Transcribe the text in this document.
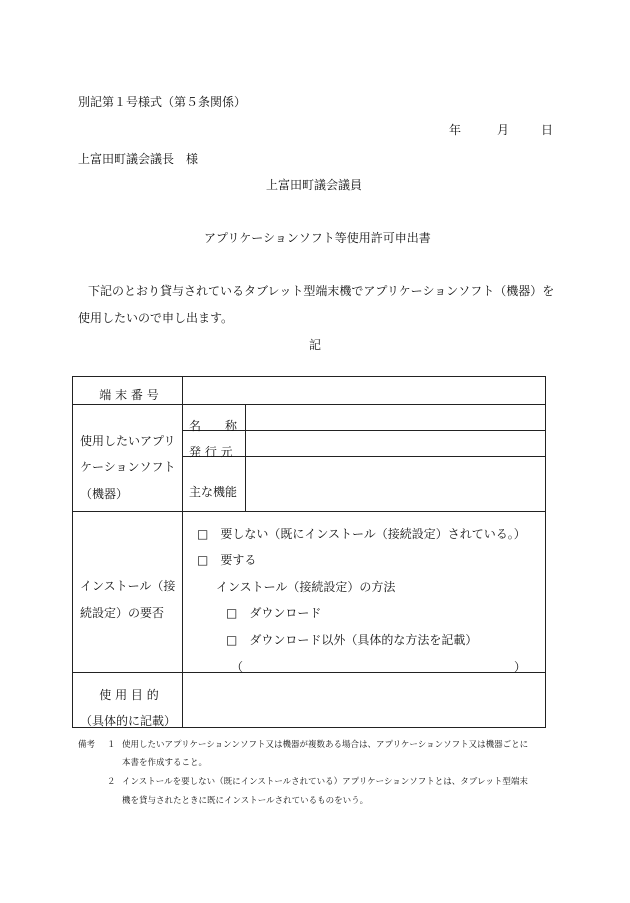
別記第１号様式（第５条関係）
年	月	日
上富田町議会議長　様
上富田町議会議員
アプリケーションソフト等使用許可申出書
下記のとおり貸与されているタブレット型端末機でアプリケーションソフト（機器）を
使用したいので申し出ます。
記
端 末 番 号
使用したいアプリ
ケーションソフト
（機器）
名　　称
発 行 元
主な機能
インストール（接
続設定）の要否
□　要しない（既にインストール（接続設定）されている。）
□　要する
インストール（接続設定）の方法
□　ダウンロード
□　ダウンロード以外（具体的な方法を記載）
（	）
使 用 目 的
（具体的に記載）
備考 １ 使用したいアプリケーションンソフト又は機器が複数ある場合は、アプリケーションソフト又は機器ごとに
本書を作成すること。
２ インストールを要しない（既にインストールされている）アプリケーションソフトとは、タブレット型端末
機を貸与されたときに既にインストールされているものをいう。
